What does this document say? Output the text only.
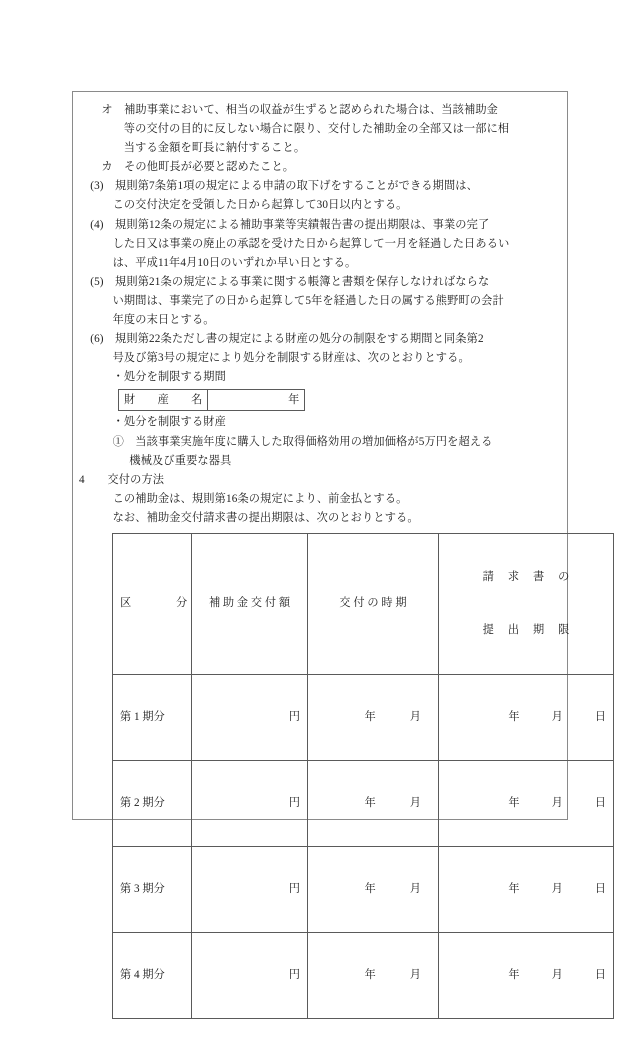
オ　 補助事業において、相当の収益が生ずると認められた場合は、当該補助金
等の交付の目的に反しない場合に限り、交付した補助金の全部又は一部に相
当する金額を町長に納付すること。
カ　 その他町長が必要と認めたこと。
(3)　 規則第7条第1項の規定による申請の取下げをすることができる期間は、
この交付決定を受領した日から起算して30日以内とする。
(4)　 規則第12条の規定による補助事業等実績報告書の提出期限は、事業の完了
した日又は事業の廃止の承認を受けた日から起算して一月を経過した日あるい
は、平成11年4月10日のいずれか早い日とする。
(5)　 規則第21条の規定による事業に関する帳簿と書類を保存しなければならな
い期間は、事業完了の日から起算して5年を経過した日の属する熊野町の会計
年度の末日とする。
(6)　 規則第22条ただし書の規定による財産の処分の制限をする期間と同条第2
号及び第3号の規定により処分を制限する財産は、次のとおりとする。
・処分を制限する期間
財　　産　　名	年
・処分を制限する財産
①　 当該事業実施年度に購入した取得価格効用の増加価格が5万円を超える
機械及び重要な器具
4　　 交付の方法
この補助金は、規則第16条の規定により、前金払とする。
なお、補助金交付請求書の提出期限は、次のとおりとする。
区　　　　分	補 助 金 交 付 額	交 付 の 時 期	請　 求　 書　 の

提　 出　 期　 限

第 1 期分	円	年 月	年 月 日

第 2 期分	円	年 月	年 月 日

第 3 期分	円	年 月	年 月 日

第 4 期分	円	年 月	年 月 日
